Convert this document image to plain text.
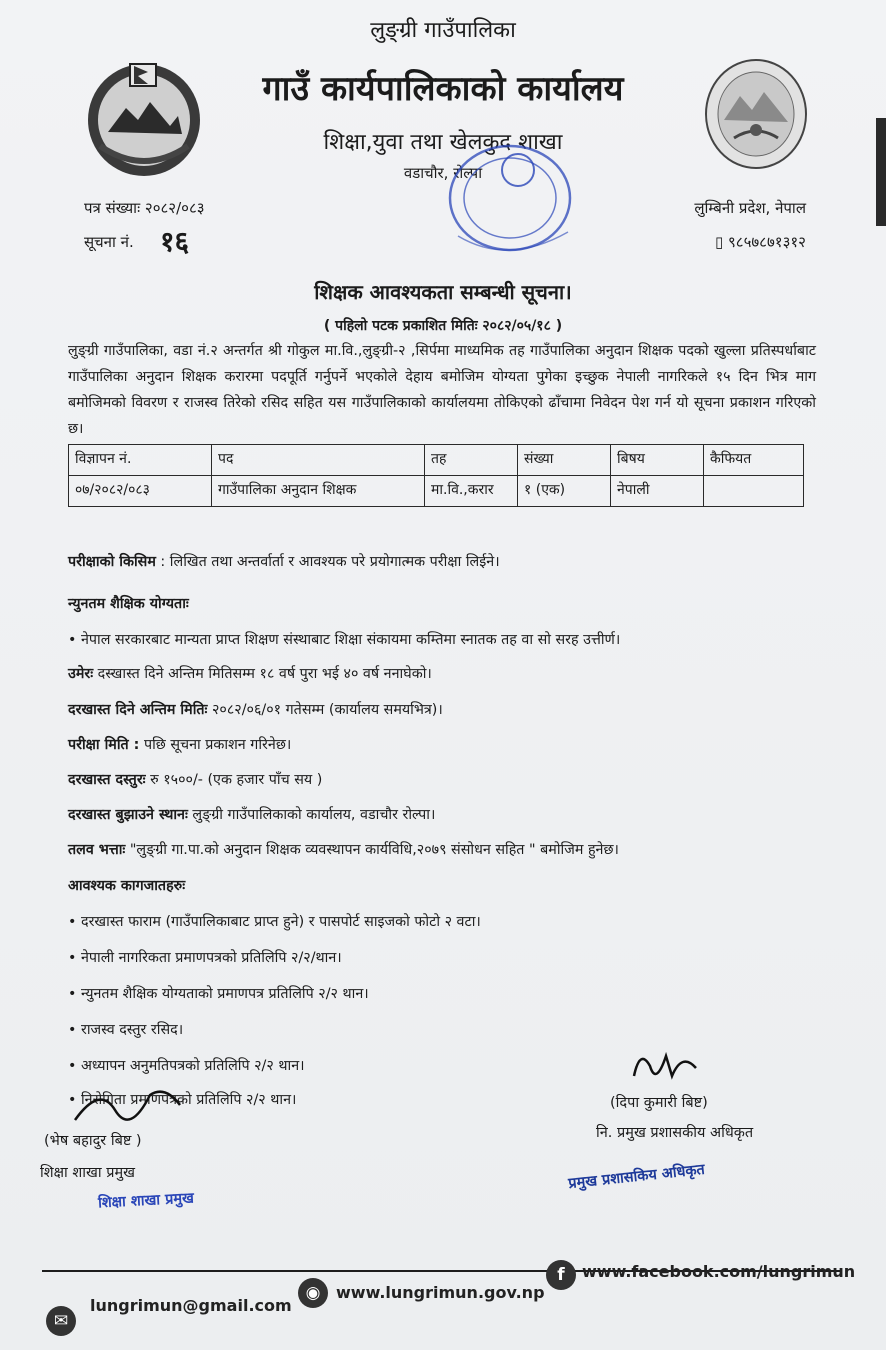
लुङ्ग्री गाउँपालिका
गाउँ कार्यपालिकाको कार्यालय
शिक्षा,युवा तथा खेलकुद शाखा
वडाचौर, रोल्पा
पत्र संख्याः २०८२/०८३
सूचना नं. १६
लुम्बिनी प्रदेश, नेपाल
▯ ९८५७८७१३१२
शिक्षक आवश्यकता सम्बन्धी सूचना।
( पहिलो पटक प्रकाशित मितिः २०८२/०५/१८ )
लुङ्ग्री गाउँपालिका, वडा नं.२ अन्तर्गत श्री गोकुल मा.वि.,लुङ्ग्री-२ ,सिर्पमा माध्यमिक तह गाउँपालिका अनुदान शिक्षक पदको खुल्ला प्रतिस्पर्धाबाट गाउँपालिका अनुदान शिक्षक करारमा पदपूर्ति गर्नुपर्ने भएकोले देहाय बमोजिम योग्यता पुगेका इच्छुक नेपाली नागरिकले १५ दिन भित्र माग बमोजिमको विवरण र राजस्व तिरेको रसिद सहित यस गाउँपालिकाको कार्यालयमा तोकिएको ढाँचामा निवेदन पेश गर्न यो सूचना प्रकाशन गरिएको छ।
विज्ञापन नं.	पद	तह	संख्या	बिषय	कैफियत
०७/२०८२/०८३	गाउँपालिका अनुदान शिक्षक	मा.वि.,करार	१ (एक)	नेपाली	
परीक्षाको किसिम : लिखित तथा अन्तर्वार्ता र आवश्यक परे प्रयोगात्मक परीक्षा लिईने।
न्युनतम शैक्षिक योग्यताः
• नेपाल सरकारबाट मान्यता प्राप्त शिक्षण संस्थाबाट शिक्षा संकायमा कम्तिमा स्नातक तह वा सो सरह उत्तीर्ण।
उमेरः दस्खास्त दिने अन्तिम मितिसम्म १८ वर्ष पुरा भई ४० वर्ष ननाघेको।
दरखास्त दिने अन्तिम मितिः २०८२/०६/०१ गतेसम्म (कार्यालय समयभित्र)।
परीक्षा मिति : पछि सूचना प्रकाशन गरिनेछ।
दरखास्त दस्तुरः रु १५००/- (एक हजार पाँच सय )
दरखास्त बुझाउने स्थानः लुङ्ग्री गाउँपालिकाको कार्यालय, वडाचौर रोल्पा।
तलव भत्ताः "लुङ्ग्री गा.पा.को अनुदान शिक्षक व्यवस्थापन कार्यविधि,२०७९ संसोधन सहित " बमोजिम हुनेछ।
आवश्यक कागजातहरुः
• दरखास्त फाराम (गाउँपालिकाबाट प्राप्त हुने) र पासपोर्ट साइजको फोटो २ वटा।
• नेपाली नागरिकता प्रमाणपत्रको प्रतिलिपि २/२/थान।
• न्युनतम शैक्षिक योग्यताको प्रमाणपत्र प्रतिलिपि २/२ थान।
• राजस्व दस्तुर रसिद।
• अध्यापन अनुमतिपत्रको प्रतिलिपि २/२ थान।
• निरोगिता प्रमाणपत्रको प्रतिलिपि २/२ थान।
(भेष बहादुर बिष्ट )
शिक्षा शाखा प्रमुख
शिक्षा शाखा प्रमुख
(दिपा कुमारी बिष्ट)
नि. प्रमुख प्रशासकीय अधिकृत
प्रमुख प्रशासकिय अधिकृत
✉
lungrimun@gmail.com
◉ www.lungrimun.gov.np
f	www.facebook.com/lungrimun
